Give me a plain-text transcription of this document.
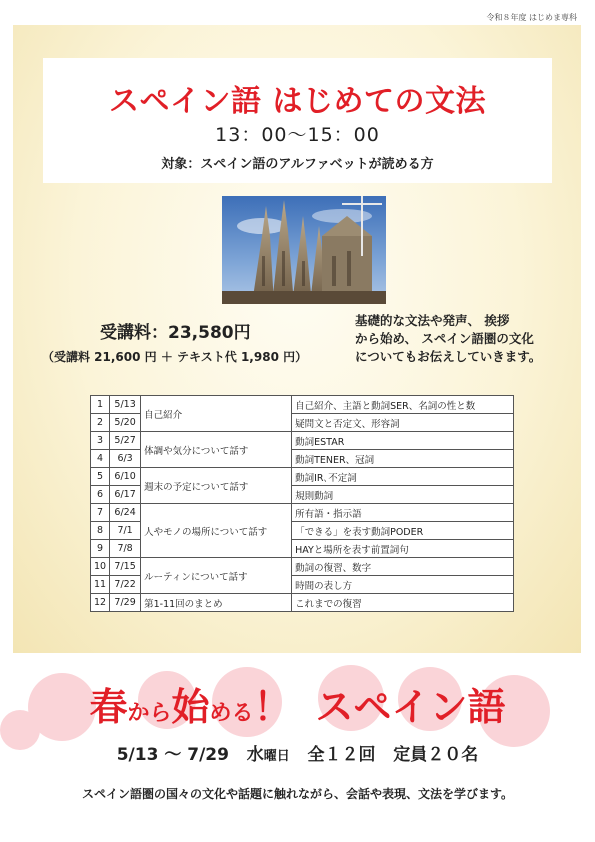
令和８年度 はじめま専科
スペイン語 はじめての文法
13：00〜15：00
対象：スペイン語のアルファベットが読める方
受講料：23,580円
（受講料 21,600 円 ＋ テキスト代 1,980 円）
基礎的な文法や発声、 挨拶
から始め、 スペイン語圏の文化
についてもお伝えしていきます。
1	5/13	自己紹介	自己紹介、主語と動詞SER、名詞の性と数
2	5/20		疑問文と否定文、形容詞
3	5/27	体調や気分について話す	動詞ESTAR
4	6/3		動詞TENER、冠詞
5	6/10	週末の予定について話す	動詞IR､不定詞
6	6/17		規則動詞
7	6/24	人やモノの場所について話す	所有語・指示語
8	7/1		「できる」を表す動詞PODER
9	7/8		HAYと場所を表す前置詞句
10	7/15	ルーティンについて話す	動詞の復習、数字
11	7/22		時間の表し方
12	7/29	第1-11回のまとめ	これまでの復習
春から始める！ スペイン語
5/13 〜 7/29 水曜日 全１２回 定員２０名
スペイン語圏の国々の文化や話題に触れながら、会話や表現、文法を学びます。
